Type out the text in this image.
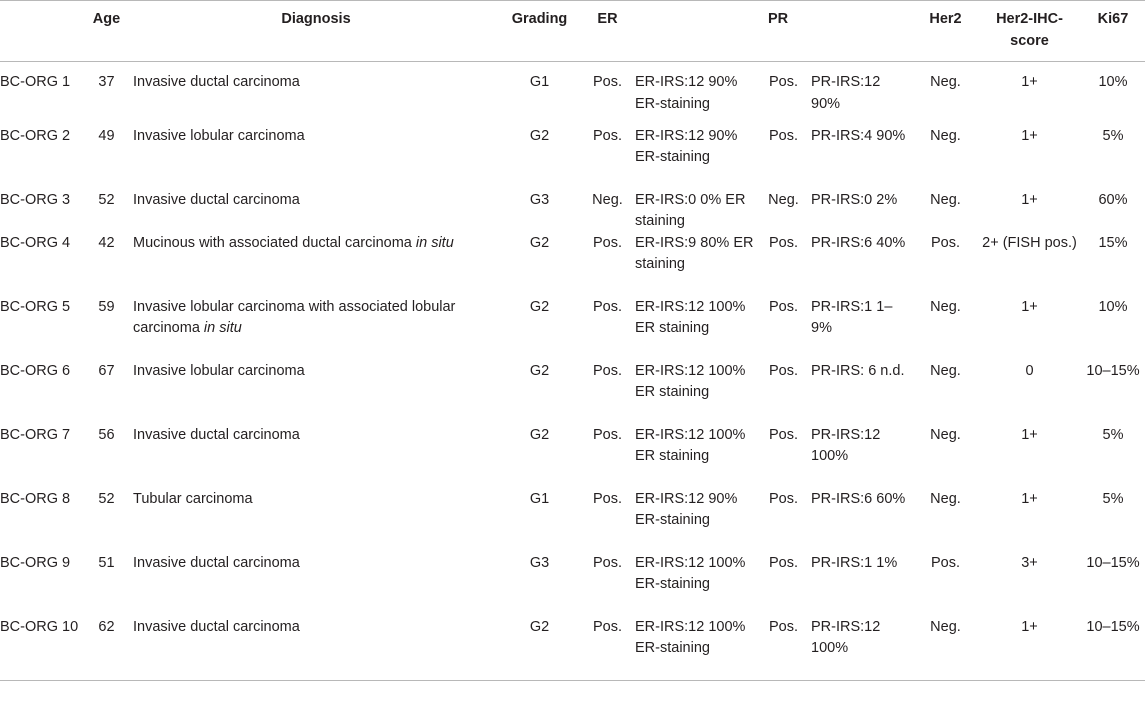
	Age	Diagnosis	Grading	ER		PR		Her2	Her2-IHC-score	Ki67
BC-ORG 1	37	Invasive ductal carcinoma	G1	Pos.	ER-IRS:12 90% ER-staining	Pos.	PR-IRS:12 90%	Neg.	1+	10%
BC-ORG 2	49	Invasive lobular carcinoma	G2	Pos.	ER-IRS:12 90% ER-staining	Pos.	PR-IRS:4 90%	Neg.	1+	5%
BC-ORG 3	52	Invasive ductal carcinoma	G3	Neg.	ER-IRS:0 0% ER staining	Neg.	PR-IRS:0 2%	Neg.	1+	60%
BC-ORG 4	42	Mucinous with associated ductal carcinoma in situ	G2	Pos.	ER-IRS:9 80% ER staining	Pos.	PR-IRS:6 40%	Pos.	2+ (FISH pos.)	15%
BC-ORG 5	59	Invasive lobular carcinoma with associated lobular carcinoma in situ	G2	Pos.	ER-IRS:12 100% ER staining	Pos.	PR-IRS:1 1–9%	Neg.	1+	10%
BC-ORG 6	67	Invasive lobular carcinoma	G2	Pos.	ER-IRS:12 100% ER staining	Pos.	PR-IRS: 6 n.d.	Neg.	0	10–15%
BC-ORG 7	56	Invasive ductal carcinoma	G2	Pos.	ER-IRS:12 100% ER staining	Pos.	PR-IRS:12 100%	Neg.	1+	5%
BC-ORG 8	52	Tubular carcinoma	G1	Pos.	ER-IRS:12 90% ER-staining	Pos.	PR-IRS:6 60%	Neg.	1+	5%
BC-ORG 9	51	Invasive ductal carcinoma	G3	Pos.	ER-IRS:12 100% ER-staining	Pos.	PR-IRS:1 1%	Pos.	3+	10–15%
BC-ORG 10	62	Invasive ductal carcinoma	G2	Pos.	ER-IRS:12 100% ER-staining	Pos.	PR-IRS:12 100%	Neg.	1+	10–15%
